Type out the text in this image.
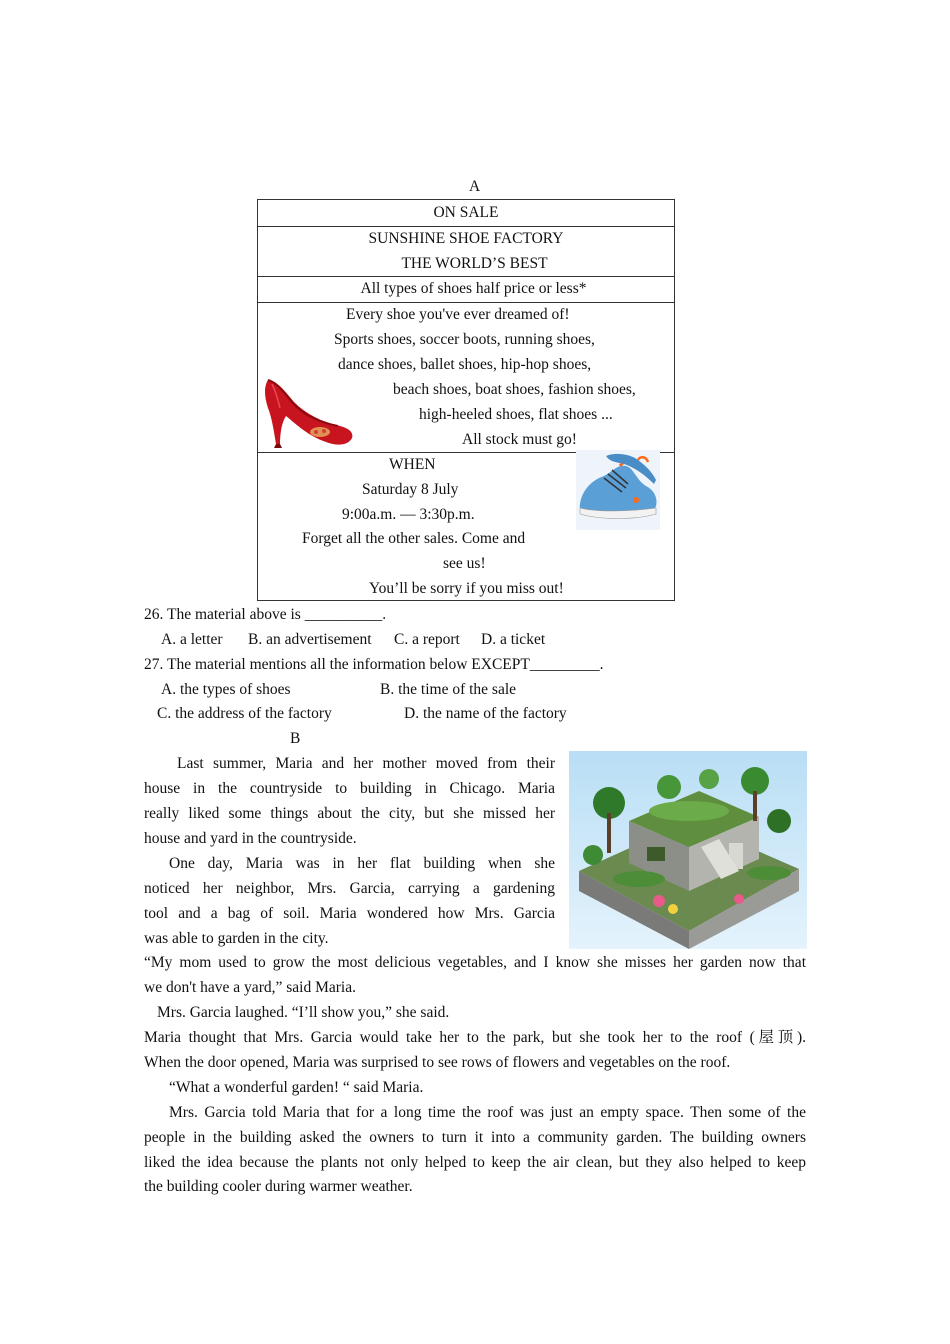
A
ON SALE
SUNSHINE SHOE FACTORY
THE WORLD’S BEST
All types of shoes half price or less*
Every shoe you've ever dreamed of!
Sports shoes, soccer boots, running shoes,
dance shoes, ballet shoes, hip-hop shoes,
beach shoes, boat shoes, fashion shoes,
high-heeled shoes, flat shoes ...
All stock must go!
WHEN
Saturday 8 July
9:00a.m. — 3:30p.m.
Forget all the other sales. Come and
see us!
You’ll be sorry if you miss out!
26. The material above is __________.
A. a letter B. an advertisement C. a report D. a ticket
27. The material mentions all the information below EXCEPT_________.
A. the types of shoes	B. the time of the sale
C. the address of the factory	D. the name of the factory
B
Last summer, Maria and her mother moved from their
house in the countryside to building in Chicago. Maria
really liked some things about the city, but she missed her
house and yard in the countryside.
One day, Maria was in her flat building when she
noticed her neighbor, Mrs. Garcia, carrying a gardening
tool and a bag of soil. Maria wondered how Mrs. Garcia
was able to garden in the city.
“My mom used to grow the most delicious vegetables, and I know she misses her garden now that
we don't have a yard,” said Maria.
Mrs. Garcia laughed. “I’ll show you,” she said.
Maria thought that Mrs. Garcia would take her to the park, but she took her to the roof (屋顶).
When the door opened, Maria was surprised to see rows of flowers and vegetables on the roof.
“What a wonderful garden! “ said Maria.
Mrs. Garcia told Maria that for a long time the roof was just an empty space. Then some of the
people in the building asked the owners to turn it into a community garden. The building owners
liked the idea because the plants not only helped to keep the air clean, but they also helped to keep
the building cooler during warmer weather.
